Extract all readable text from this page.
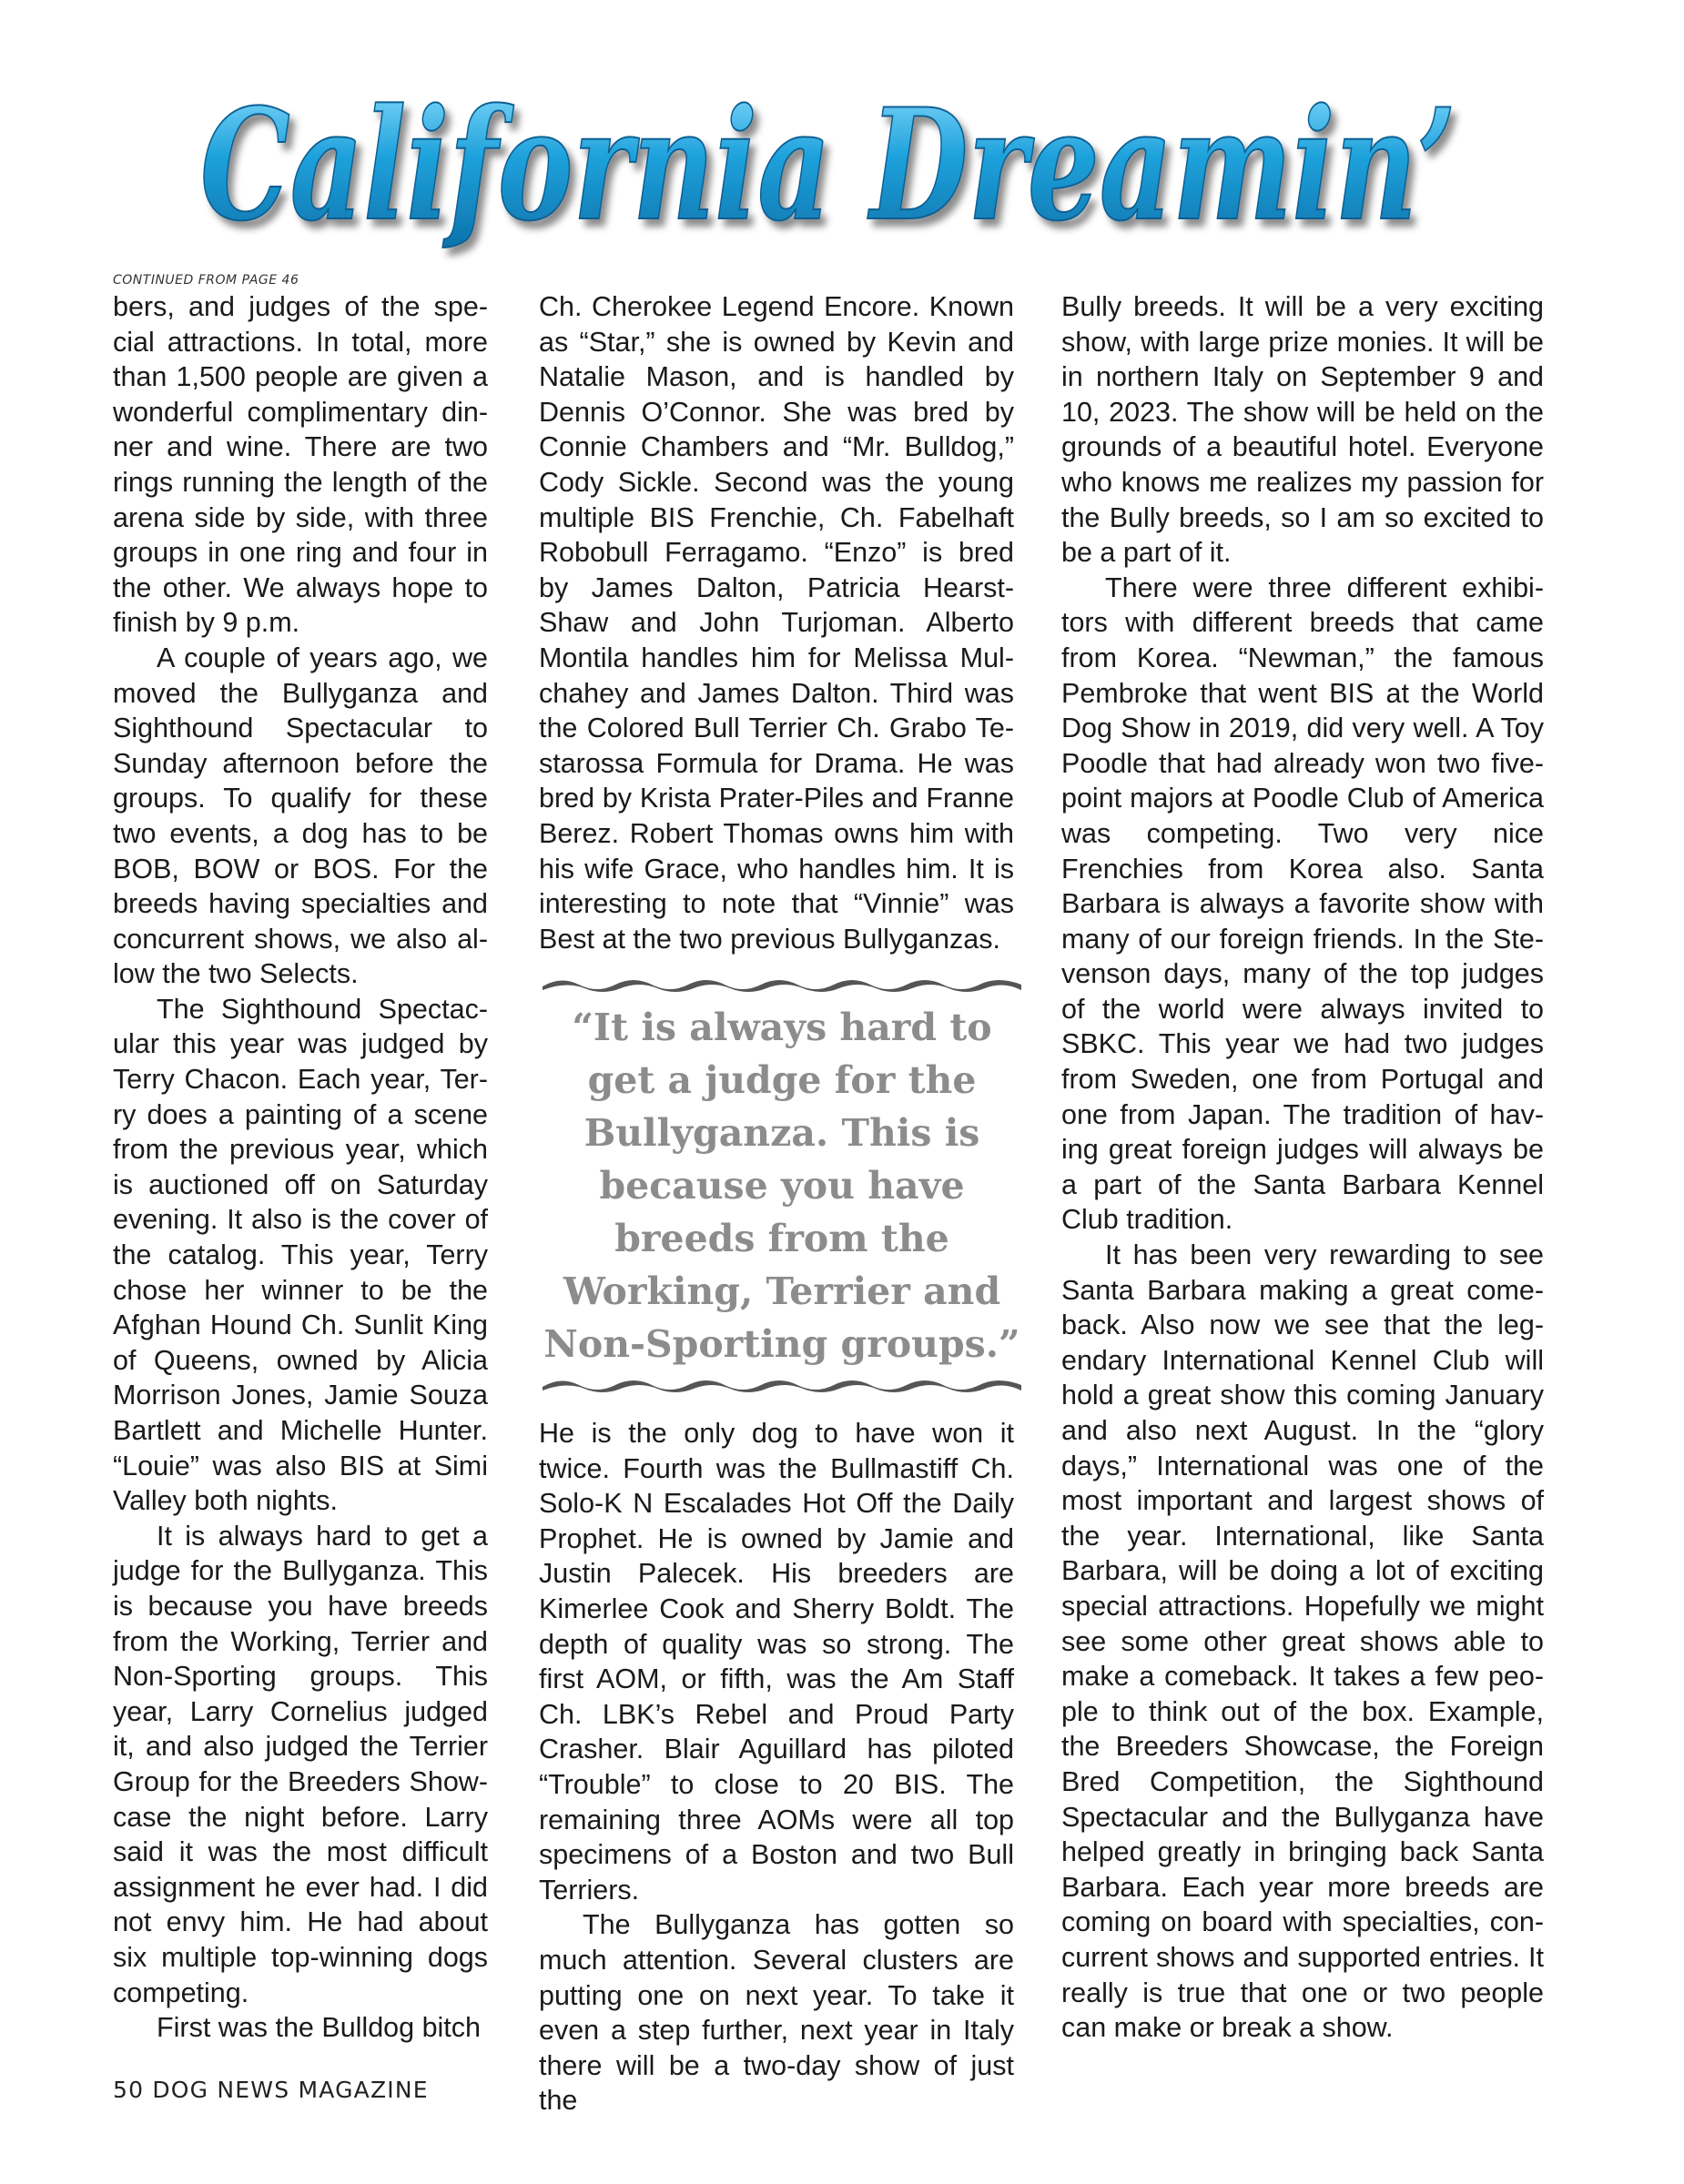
California Dreamin’
CONTINUED FROM PAGE 46

bers, and judges of the special attractions. In total, more than 1,500 people are given a wonderful complimentary dinner and wine. There are two rings running the length of the arena side by side, with three groups in one ring and four in the other. We always hope to finish by 9 p.m.

A couple of years ago, we moved the Bullyganza and Sighthound Spectacular to Sunday afternoon before the groups. To qualify for these two events, a dog has to be BOB, BOW or BOS. For the breeds having specialties and concurrent shows, we also allow the two Selects.

The Sighthound Spectacular this year was judged by Terry Chacon. Each year, Terry does a painting of a scene from the previous year, which is auctioned off on Saturday evening. It also is the cover of the catalog. This year, Terry chose her winner to be the Afghan Hound Ch. Sunlit King of Queens, owned by Alicia Morrison Jones, Jamie Souza Bartlett and Michelle Hunter. “Louie” was also BIS at Simi Valley both nights.

It is always hard to get a judge for the Bullyganza. This is because you have breeds from the Working, Terrier and Non-Sporting groups. This year, Larry Cornelius judged it, and also judged the Terrier Group for the Breeders Showcase the night before. Larry said it was the most difficult assignment he ever had. I did not envy him. He had about six multiple top-winning dogs competing.

First was the Bulldog bitch

Ch. Cherokee Legend Encore. Known as “Star,” she is owned by Kevin and Natalie Mason, and is handled by Dennis O’Connor. She was bred by Connie Chambers and “Mr. Bulldog,” Cody Sickle. Second was the young multiple BIS Frenchie, Ch. Fabelhaft Robobull Ferragamo. “Enzo” is bred by James Dalton, Patricia Hearst-Shaw and John Turjoman. Alberto Montila handles him for Melissa Mulchahey and James Dalton. Third was the Colored Bull Terrier Ch. Grabo Testarossa Formula for Drama. He was bred by Krista Prater-Piles and Franne Berez. Robert Thomas owns him with his wife Grace, who handles him. It is interesting to note that “Vinnie” was Best at the two previous Bullyganzas.

“It is always hard to get a judge for the Bullyganza. This is because you have breeds from the Working, Terrier and Non-Sporting groups.”

He is the only dog to have won it twice. Fourth was the Bullmastiff Ch. Solo-K N Escalades Hot Off the Daily Prophet. He is owned by Jamie and Justin Palecek. His breeders are Kimerlee Cook and Sherry Boldt. The depth of quality was so strong. The first AOM, or fifth, was the Am Staff Ch. LBK’s Rebel and Proud Party Crasher. Blair Aguillard has piloted “Trouble” to close to 20 BIS. The remaining three AOMs were all top specimens of a Boston and two Bull Terriers.

The Bullyganza has gotten so much attention. Several clusters are putting one on next year. To take it even a step further, next year in Italy there will be a two-day show of just the

Bully breeds. It will be a very exciting show, with large prize monies. It will be in northern Italy on September 9 and 10, 2023. The show will be held on the grounds of a beautiful hotel. Everyone who knows me realizes my passion for the Bully breeds, so I am so excited to be a part of it.

There were three different exhibitors with different breeds that came from Korea. “Newman,” the famous Pembroke that went BIS at the World Dog Show in 2019, did very well. A Toy Poodle that had already won two five-point majors at Poodle Club of America was competing. Two very nice Frenchies from Korea also. Santa Barbara is always a favorite show with many of our foreign friends. In the Stevenson days, many of the top judges of the world were always invited to SBKC. This year we had two judges from Sweden, one from Portugal and one from Japan. The tradition of having great foreign judges will always be a part of the Santa Barbara Kennel Club tradition.

It has been very rewarding to see Santa Barbara making a great comeback. Also now we see that the legendary International Kennel Club will hold a great show this coming January and also next August. In the “glory days,” International was one of the most important and largest shows of the year. International, like Santa Barbara, will be doing a lot of exciting special attractions. Hopefully we might see some other great shows able to make a comeback. It takes a few people to think out of the box. Example, the Breeders Showcase, the Foreign Bred Competition, the Sighthound Spectacular and the Bullyganza have helped greatly in bringing back Santa Barbara. Each year more breeds are coming on board with specialties, concurrent shows and supported entries. It really is true that one or two people can make or break a show.

50 DOG NEWS MAGAZINE
